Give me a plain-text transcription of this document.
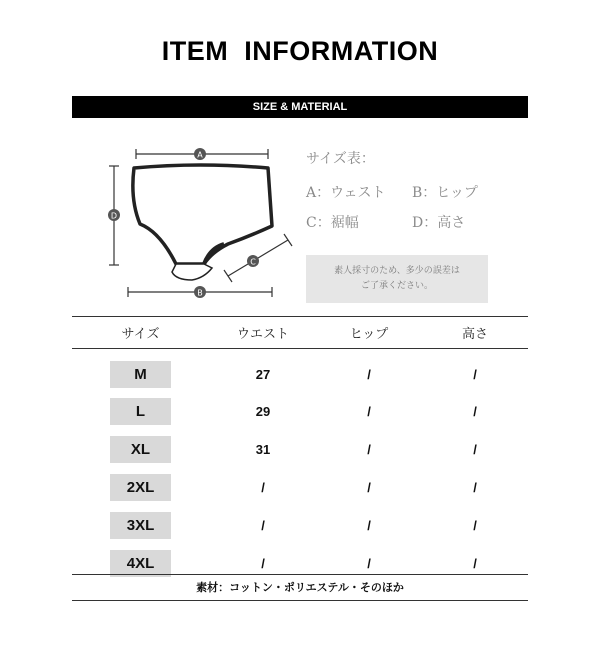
ITEM INFORMATION
SIZE & MATERIAL
A
D
C
B
サイズ表：
A：ウェスト B：ヒップ
C：裾幅	D：高さ
素人採寸のため、多少の誤差は
ご了承ください。
サイズ	ウエスト	ヒップ	高さ
M	27	/	/
L	29	/	/
XL	31	/	/
2XL	/	/	/
3XL	/	/	/
4XL	/	/	/
素材：コットン・ポリエステル・そのほか
